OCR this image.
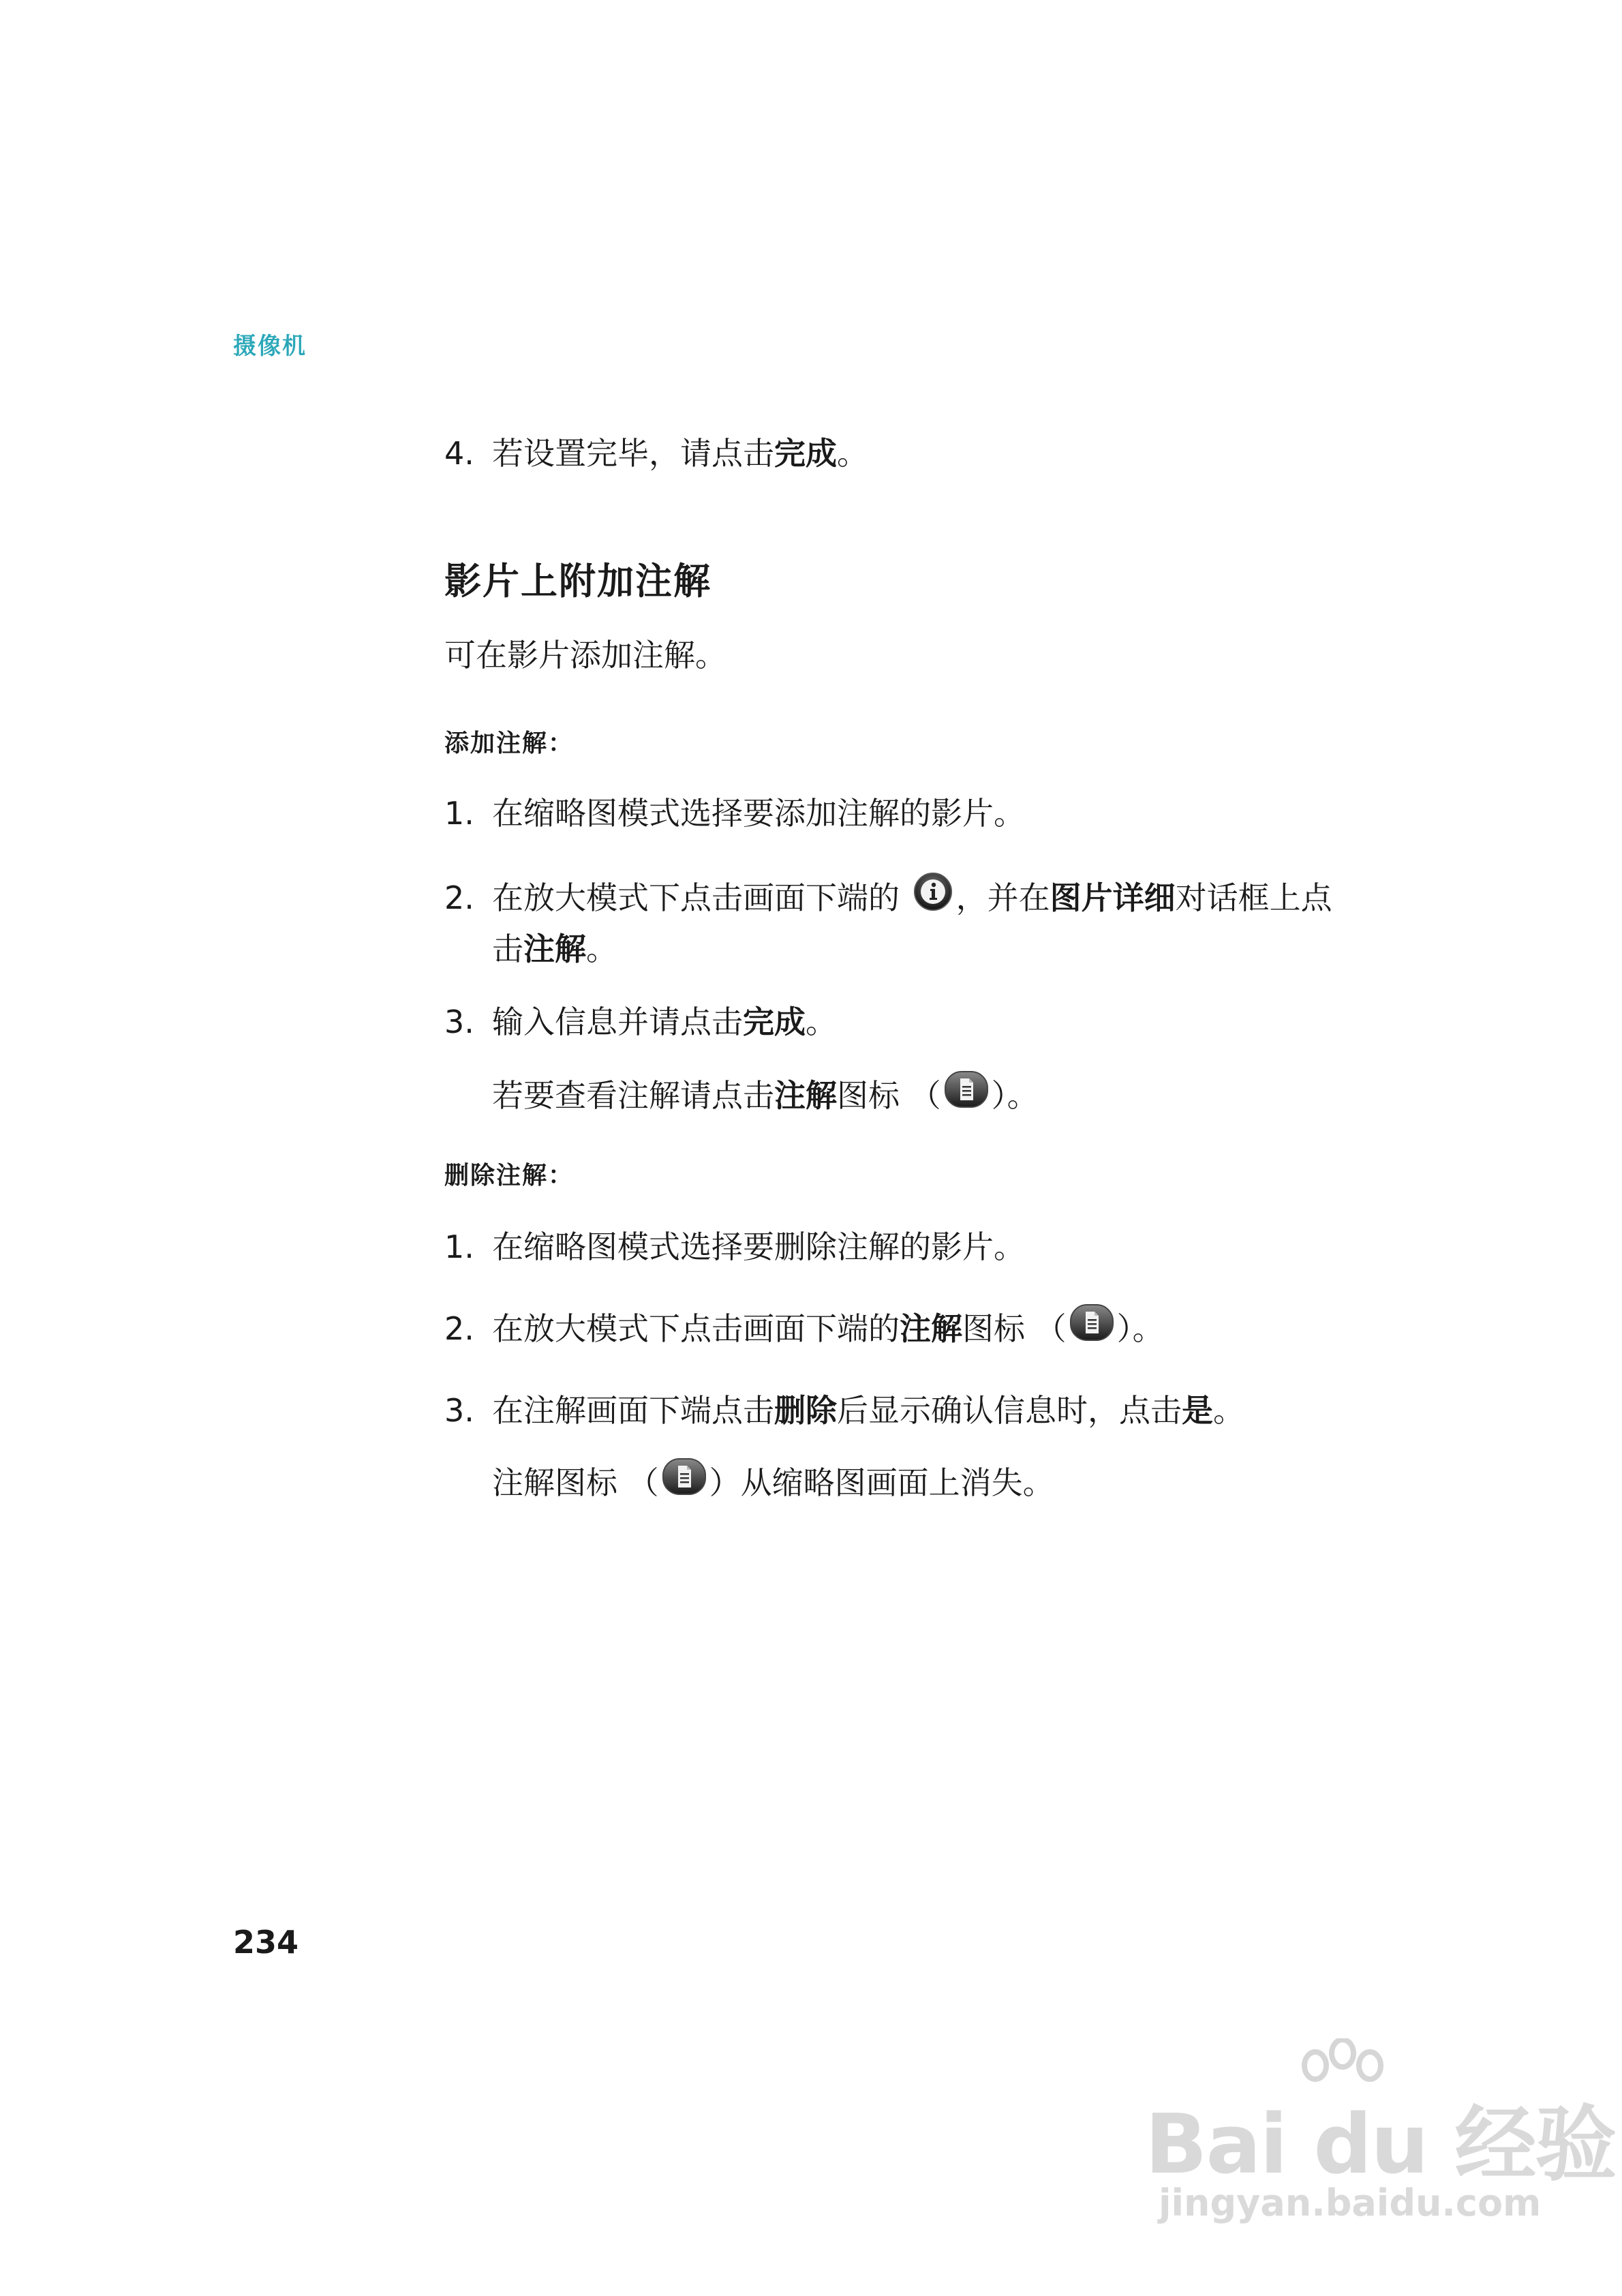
摄像机
4. 若设置完毕，请点击完成。
影片上附加注解
可在影片添加注解。
添加注解：
1. 在缩略图模式选择要添加注解的影片。
2. 在放大模式下点击画面下端的 ，并在图片详细对话框上点
击注解。
3. 输入信息并请点击完成。
若要查看注解请点击注解图标 （ ）。
删除注解：
1. 在缩略图模式选择要删除注解的影片。
2. 在放大模式下点击画面下端的注解图标 （ ）。
3. 在注解画面下端点击删除后显示确认信息时，点击是。
注解图标 （ ）从缩略图画面上消失。
234
Bai du 经验
jingyan.baidu.com
